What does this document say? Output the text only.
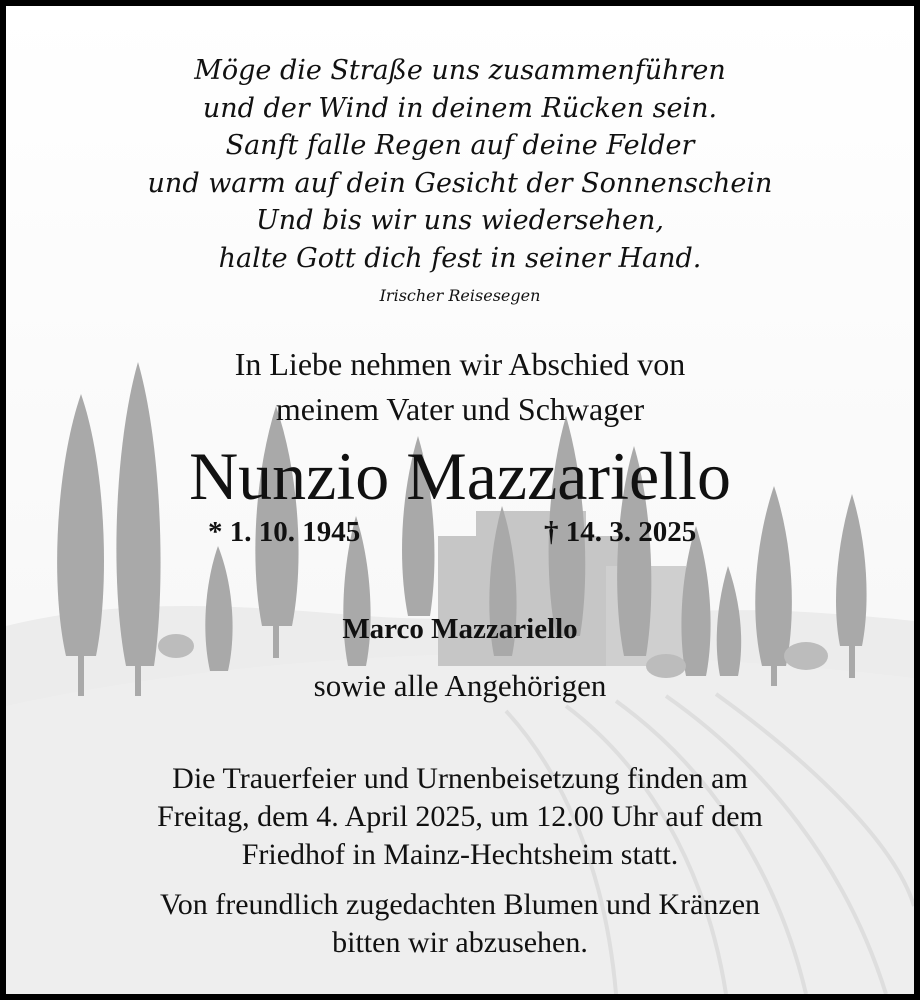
Möge die Straße uns zusammenführen
und der Wind in deinem Rücken sein.
Sanft falle Regen auf deine Felder
und warm auf dein Gesicht der Sonnenschein
Und bis wir uns wiedersehen,
halte Gott dich fest in seiner Hand.
Irischer Reisesegen
In Liebe nehmen wir Abschied von
meinem Vater und Schwager
Nunzio Mazzariello
* 1. 10. 1945	† 14. 3. 2025
Marco Mazzariello
sowie alle Angehörigen
Die Trauerfeier und Urnenbeisetzung finden am
Freitag, dem 4. April 2025, um 12.00 Uhr auf dem
Friedhof in Mainz-Hechtsheim statt.
Von freundlich zugedachten Blumen und Kränzen
bitten wir abzusehen.
